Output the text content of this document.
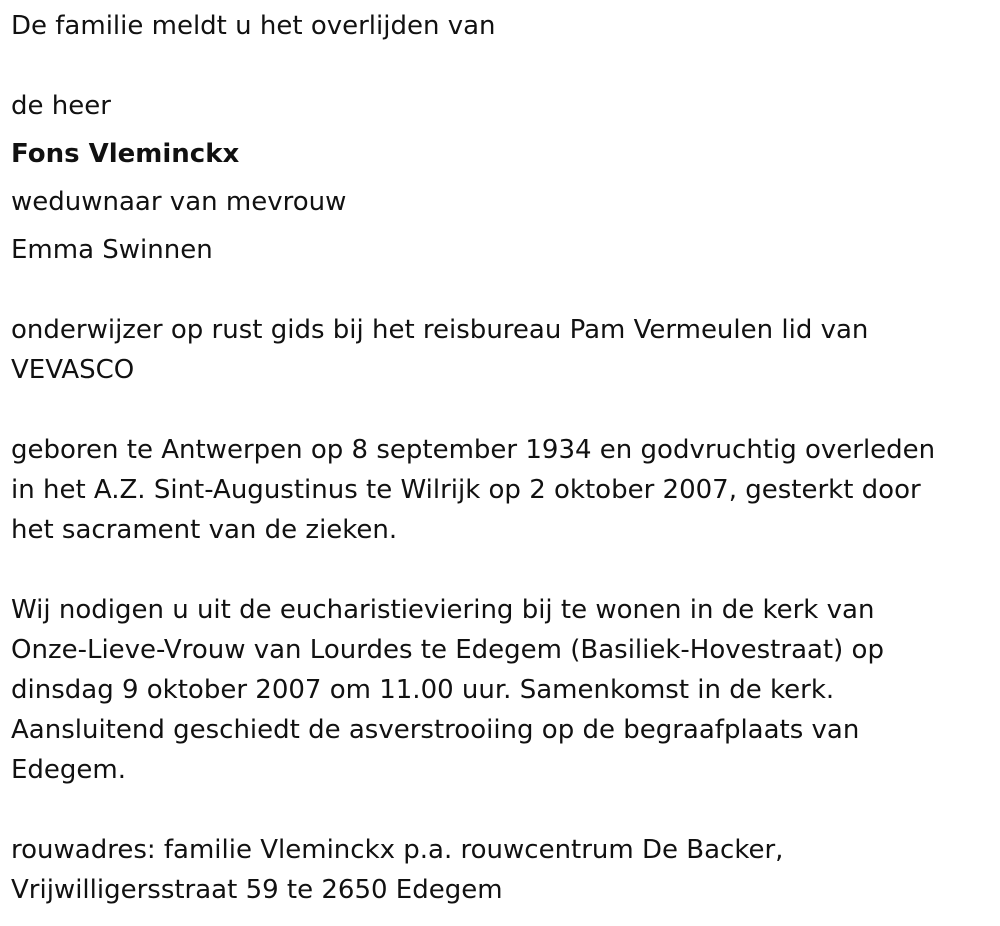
De familie meldt u het overlijden van
de heer
Fons Vleminckx
weduwnaar van mevrouw
Emma Swinnen
onderwijzer op rust gids bij het reisbureau Pam Vermeulen lid van
VEVASCO
geboren te Antwerpen op 8 september 1934 en godvruchtig overleden
in het A.Z. Sint-Augustinus te Wilrijk op 2 oktober 2007, gesterkt door
het sacrament van de zieken.
Wij nodigen u uit de eucharistieviering bij te wonen in de kerk van
Onze-Lieve-Vrouw van Lourdes te Edegem (Basiliek-Hovestraat) op
dinsdag 9 oktober 2007 om 11.00 uur. Samenkomst in de kerk.
Aansluitend geschiedt de asverstrooiing op de begraafplaats van
Edegem.
rouwadres: familie Vleminckx p.a. rouwcentrum De Backer,
Vrijwilligersstraat 59 te 2650 Edegem
